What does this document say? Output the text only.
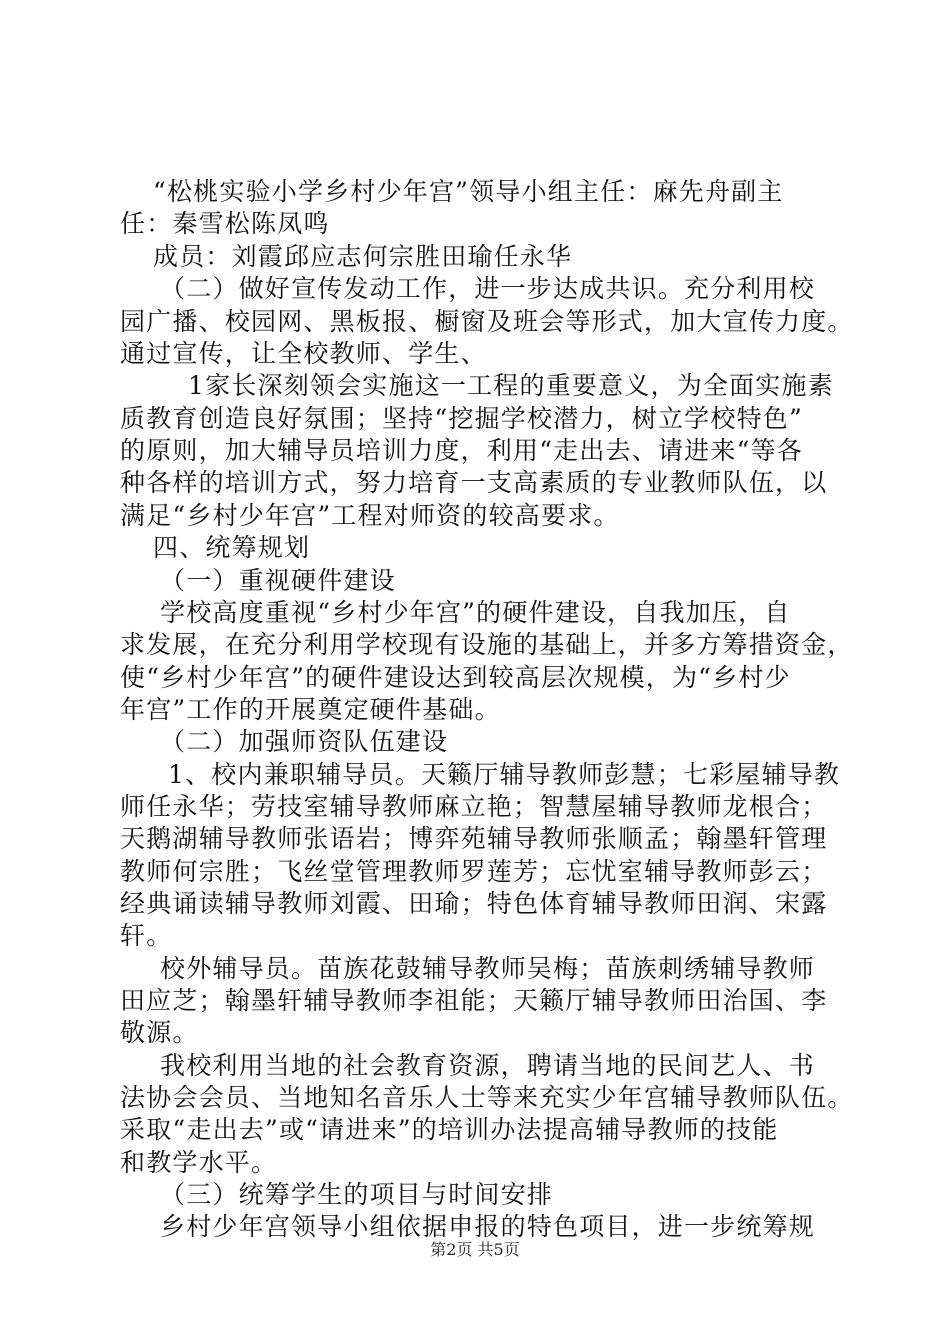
“松桃实验小学乡村少年宫”领导小组主任：麻先舟副主
任：秦雪松陈凤鸣
成员：刘霞邱应志何宗胜田瑜任永华
（二）做好宣传发动工作，进一步达成共识。充分利用校
园广播、校园网、黑板报、橱窗及班会等形式，加大宣传力度。
通过宣传，让全校教师、学生、
1家长深刻领会实施这一工程的重要意义，为全面实施素
质教育创造良好氛围；坚持“挖掘学校潜力，树立学校特色”
的原则，加大辅导员培训力度，利用“走出去、请进来“等各
种各样的培训方式，努力培育一支高素质的专业教师队伍，以
满足“乡村少年宫”工程对师资的较高要求。
四、统筹规划
（一）重视硬件建设
学校高度重视“乡村少年宫”的硬件建设，自我加压，自
求发展，在充分利用学校现有设施的基础上，并多方筹措资金，
使“乡村少年宫”的硬件建设达到较高层次规模，为“乡村少
年宫”工作的开展奠定硬件基础。
（二）加强师资队伍建设
1、校内兼职辅导员。天籁厅辅导教师彭慧；七彩屋辅导教
师任永华；劳技室辅导教师麻立艳；智慧屋辅导教师龙根合；
天鹅湖辅导教师张语岩；博弈苑辅导教师张顺孟；翰墨轩管理
教师何宗胜；飞丝堂管理教师罗莲芳；忘忧室辅导教师彭云；
经典诵读辅导教师刘霞、田瑜；特色体育辅导教师田润、宋露
轩。
校外辅导员。苗族花鼓辅导教师吴梅；苗族刺绣辅导教师
田应芝；翰墨轩辅导教师李祖能；天籁厅辅导教师田治国、李
敬源。
我校利用当地的社会教育资源，聘请当地的民间艺人、书
法协会会员、当地知名音乐人士等来充实少年宫辅导教师队伍。
采取“走出去”或“请进来”的培训办法提高辅导教师的技能
和教学水平。
（三）统筹学生的项目与时间安排
乡村少年宫领导小组依据申报的特色项目，进一步统筹规
第2页 共5页
